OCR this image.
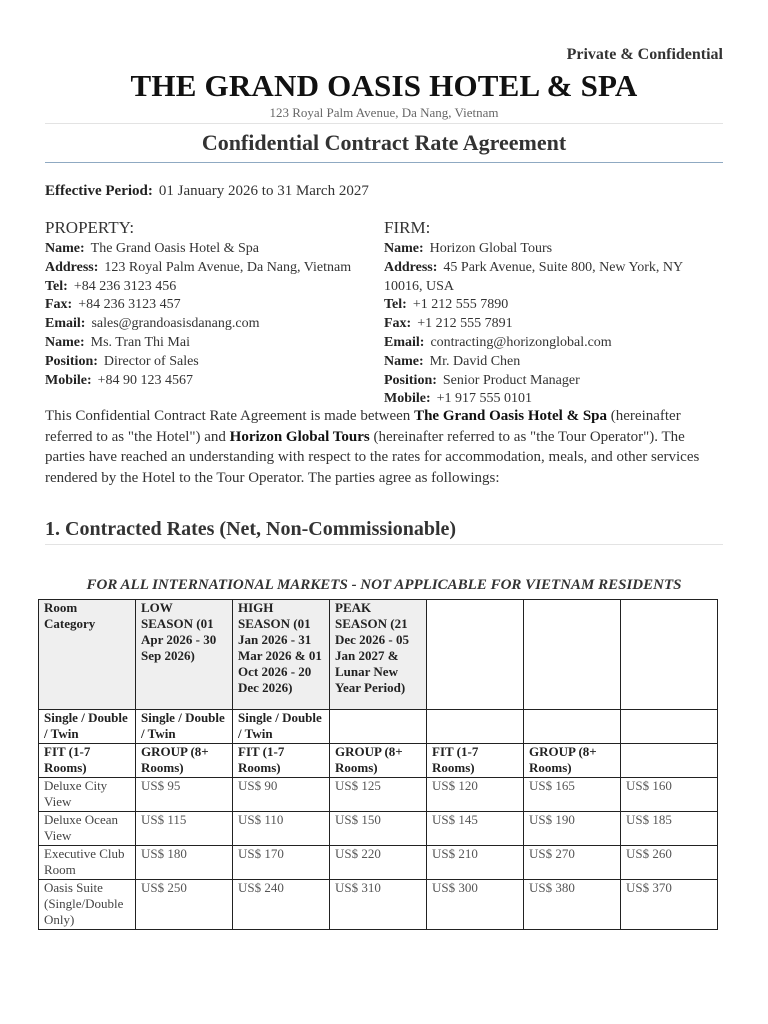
Private & Confidential
THE GRAND OASIS HOTEL & SPA
123 Royal Palm Avenue, Da Nang, Vietnam
Confidential Contract Rate Agreement
Effective Period: 01 January 2026 to 31 March 2027
PROPERTY:
Name: The Grand Oasis Hotel & Spa
Address: 123 Royal Palm Avenue, Da Nang, Vietnam
Tel: +84 236 3123 456
Fax: +84 236 3123 457
Email: sales@grandoasisdanang.com
Name: Ms. Tran Thi Mai
Position: Director of Sales
Mobile: +84 90 123 4567
FIRM:
Name: Horizon Global Tours
Address: 45 Park Avenue, Suite 800, New York, NY 10016, USA
Tel: +1 212 555 7890
Fax: +1 212 555 7891
Email: contracting@horizonglobal.com
Name: Mr. David Chen
Position: Senior Product Manager
Mobile: +1 917 555 0101
This Confidential Contract Rate Agreement is made between The Grand Oasis Hotel & Spa (hereinafter referred to as "the Hotel") and Horizon Global Tours (hereinafter referred to as "the Tour Operator"). The parties have reached an understanding with respect to the rates for accommodation, meals, and other services rendered by the Hotel to the Tour Operator. The parties agree as followings:
1. Contracted Rates (Net, Non-Commissionable)
FOR ALL INTERNATIONAL MARKETS - NOT APPLICABLE FOR VIETNAM RESIDENTS
Room Category	LOW SEASON (01 Apr 2026 - 30 Sep 2026)	HIGH SEASON (01 Jan 2026 - 31 Mar 2026 & 01 Oct 2026 - 20 Dec 2026)	PEAK SEASON (21 Dec 2026 - 05 Jan 2027 & Lunar New Year Period)			
Single / Double / Twin	Single / Double / Twin	Single / Double / Twin				
FIT (1-7 Rooms)	GROUP (8+ Rooms)	FIT (1-7 Rooms)	GROUP (8+ Rooms)	FIT (1-7 Rooms)	GROUP (8+ Rooms)	
Deluxe City View	US$ 95	US$ 90	US$ 125	US$ 120	US$ 165	US$ 160
Deluxe Ocean View	US$ 115	US$ 110	US$ 150	US$ 145	US$ 190	US$ 185
Executive Club Room	US$ 180	US$ 170	US$ 220	US$ 210	US$ 270	US$ 260
Oasis Suite (Single/Double Only)	US$ 250	US$ 240	US$ 310	US$ 300	US$ 380	US$ 370
